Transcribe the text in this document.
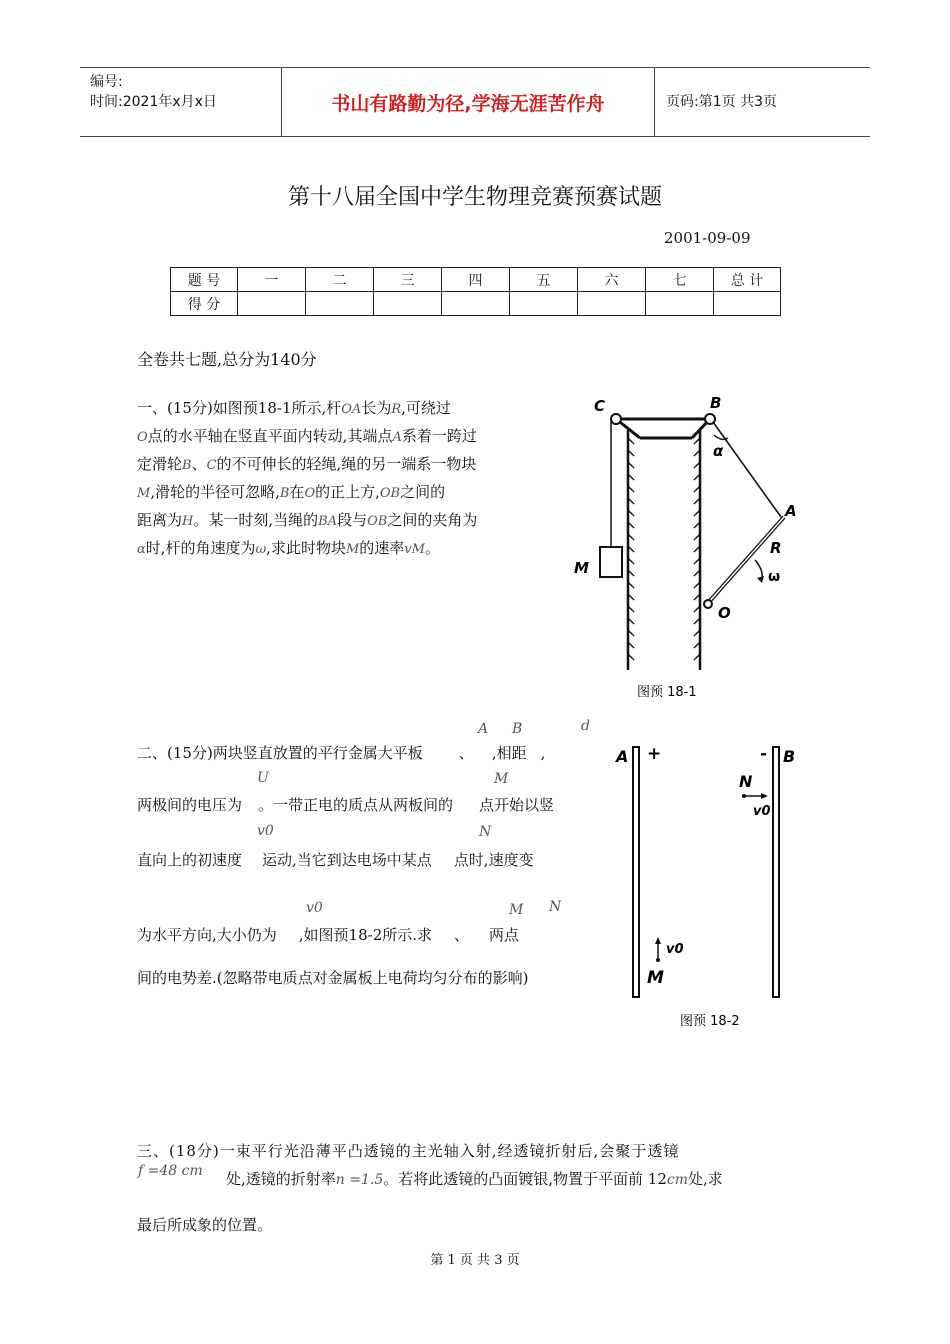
编号:
时间:2021年x月x日	书山有路勤为径,学海无涯苦作舟	页码:第1页 共3页
第十八届全国中学生物理竞赛预赛试题
2001-09-09
题 号	一	二	三	四	五	六	七	总 计
得 分								
全卷共七题,总分为140分
一、(15分)如图预18-1所示,杆OA长为R,可绕过
O点的水平轴在竖直平面内转动,其端点A系着一跨过
定滑轮B、C的不可伸长的轻绳,绳的另一端系一物块
M,滑轮的半径可忽略,B在O的正上方,OB之间的
距离为H。某一时刻,当绳的BA段与OB之间的夹角为
α时,杆的角速度为ω,求此时物块M的速率vM。
C	B
A
R
O
M
α
ω
图预 18-1
A B	d
二、(15分)两块竖直放置的平行金属大平板 、 ,相距 ,
U	M
两极间的电压为 。一带正电的质点从两板间的 点开始以竖
v0	N
直向上的初速度 运动,当它到达电场中某点 点时,速度变
v0	M N
为水平方向,大小仍为 ,如图预18-2所示.求 、 两点
间的电势差.(忽略带电质点对金属板上电荷均匀分布的影响)
A +	- B
N
v0
v0
M
图预 18-2
三、(18分)一束平行光沿薄平凸透镜的主光轴入射,经透镜折射后,会聚于透镜
f =48 cm 处,透镜的折射率n =1.5。若将此透镜的凸面镀银,物置于平面前 12cm处,求
最后所成象的位置。
第 1 页 共 3 页
